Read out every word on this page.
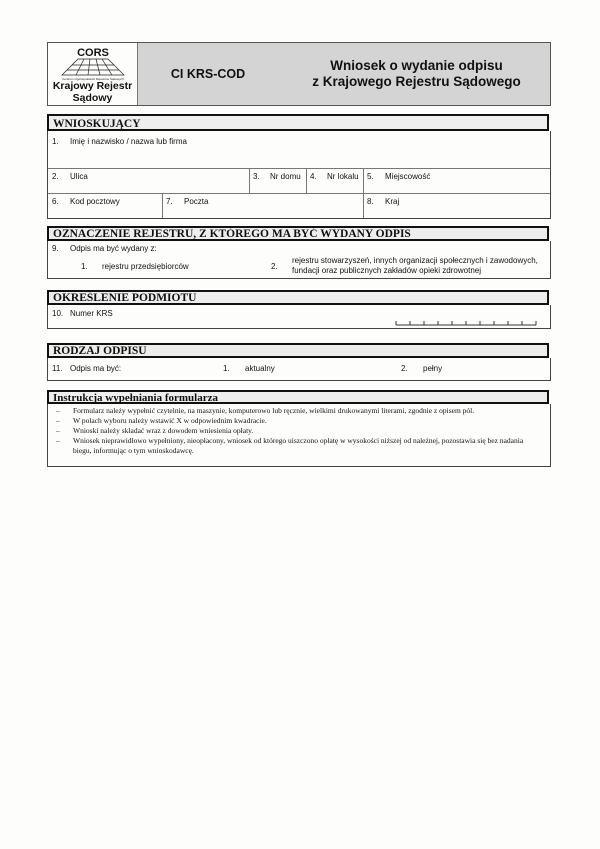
CORS
Centrum Ogólnopolskich Rejestrów Sądowych
Krajowy Rejestr
Sądowy
CI KRS-COD
Wniosek o wydanie odpisu
z Krajowego Rejestru Sądowego
WNIOSKUJĄCY
1. Imię i nazwisko / nazwa lub firma
2. Ulica	3. Nr domu 4. Nr lokalu 5. Miejscowość
6. Kod pocztowy	7. Poczta	8. Kraj
OZNACZENIE REJESTRU, Z KTÓREGO MA BYĆ WYDANY ODPIS
9. Odpis ma być wydany z:
1. rejestru przedsiębiorców	2.
rejestru stowarzyszeń, innych organizacji społecznych i zawodowych,
fundacji oraz publicznych zakładów opieki zdrowotnej
OKREŚLENIE PODMIOTU
10. Numer KRS
RODZAJ ODPISU
11. Odpis ma być:	1. aktualny	2. pełny
Instrukcja wypełniania formularza
– Formularz należy wypełnić czytelnie, na maszynie, komputerowo lub ręcznie, wielkimi drukowanymi literami, zgodnie z opisem pól.
– W polach wyboru należy wstawić X w odpowiednim kwadracie.
– Wnioski należy składać wraz z dowodem wniesienia opłaty.
– Wniosek nieprawidłowo wypełniony, nieopłacony, wniosek od którego uiszczono opłatę w wysokości niższej od należnej, pozostawia się bez nadania biegu, informując o tym wnioskodawcę.
